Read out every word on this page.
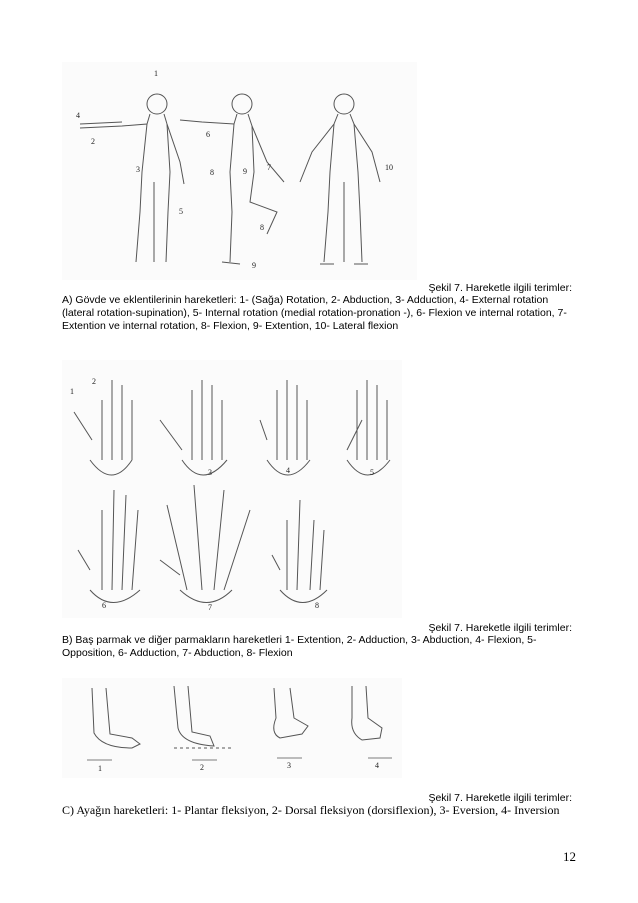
1
2
3
4
5
6
7
8	9
8
9
10
Şekil 7. Hareketle ilgili terimler:
A) Gövde ve eklentilerinin hareketleri: 1- (Sağa) Rotation, 2- Abduction, 3- Adduction, 4- External rotation (lateral rotation-supination), 5- Internal rotation (medial rotation-pronation -), 6- Flexion ve internal rotation, 7- Extention ve internal rotation, 8- Flexion, 9- Extention, 10- Lateral flexion
1
2
3	4	5
6	7	8
Şekil 7. Hareketle ilgili terimler:
B) Baş parmak ve diğer parmakların hareketleri 1- Extention, 2- Adduction, 3- Abduction, 4- Flexion, 5- Opposition, 6- Adduction, 7- Abduction, 8- Flexion
1	2	3	4
Şekil 7. Hareketle ilgili terimler:
C) Ayağın hareketleri: 1- Plantar fleksiyon, 2- Dorsal fleksiyon (dorsiflexion), 3- Eversion, 4- Inversion
12
